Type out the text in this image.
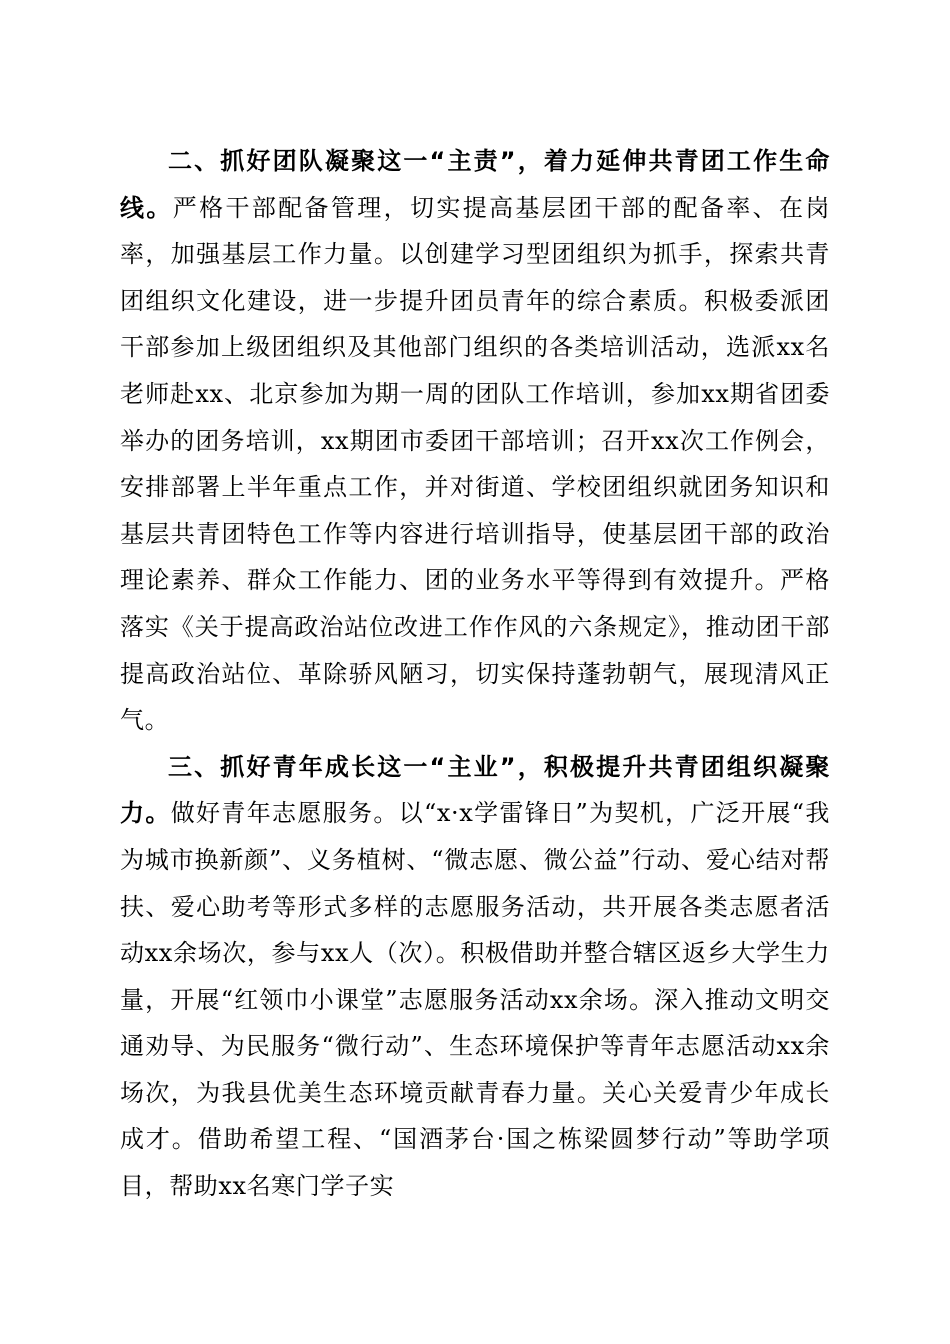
二、抓好团队凝聚这一“主责”，着力延伸共青团工作生命线。严格干部配备管理，切实提高基层团干部的配备率、在岗率，加强基层工作力量。以创建学习型团组织为抓手，探索共青团组织文化建设，进一步提升团员青年的综合素质。积极委派团干部参加上级团组织及其他部门组织的各类培训活动，选派xx名老师赴xx、北京参加为期一周的团队工作培训，参加xx期省团委举办的团务培训，xx期团市委团干部培训；召开xx次工作例会，安排部署上半年重点工作，并对街道、学校团组织就团务知识和基层共青团特色工作等内容进行培训指导，使基层团干部的政治理论素养、群众工作能力、团的业务水平等得到有效提升。严格落实《关于提高政治站位改进工作作风的六条规定》，推动团干部提高政治站位、革除骄风陋习，切实保持蓬勃朝气，展现清风正气。

三、抓好青年成长这一“主业”，积极提升共青团组织凝聚力。做好青年志愿服务。以“x·x学雷锋日”为契机，广泛开展“我为城市换新颜”、义务植树、“微志愿、微公益”行动、爱心结对帮扶、爱心助考等形式多样的志愿服务活动，共开展各类志愿者活动xx余场次，参与xx人（次）。积极借助并整合辖区返乡大学生力量，开展“红领巾小课堂”志愿服务活动xx余场。深入推动文明交通劝导、为民服务“微行动”、生态环境保护等青年志愿活动xx余场次，为我县优美生态环境贡献青春力量。关心关爱青少年成长成才。借助希望工程、“国酒茅台·国之栋梁圆梦行动”等助学项目，帮助xx名寒门学子实
